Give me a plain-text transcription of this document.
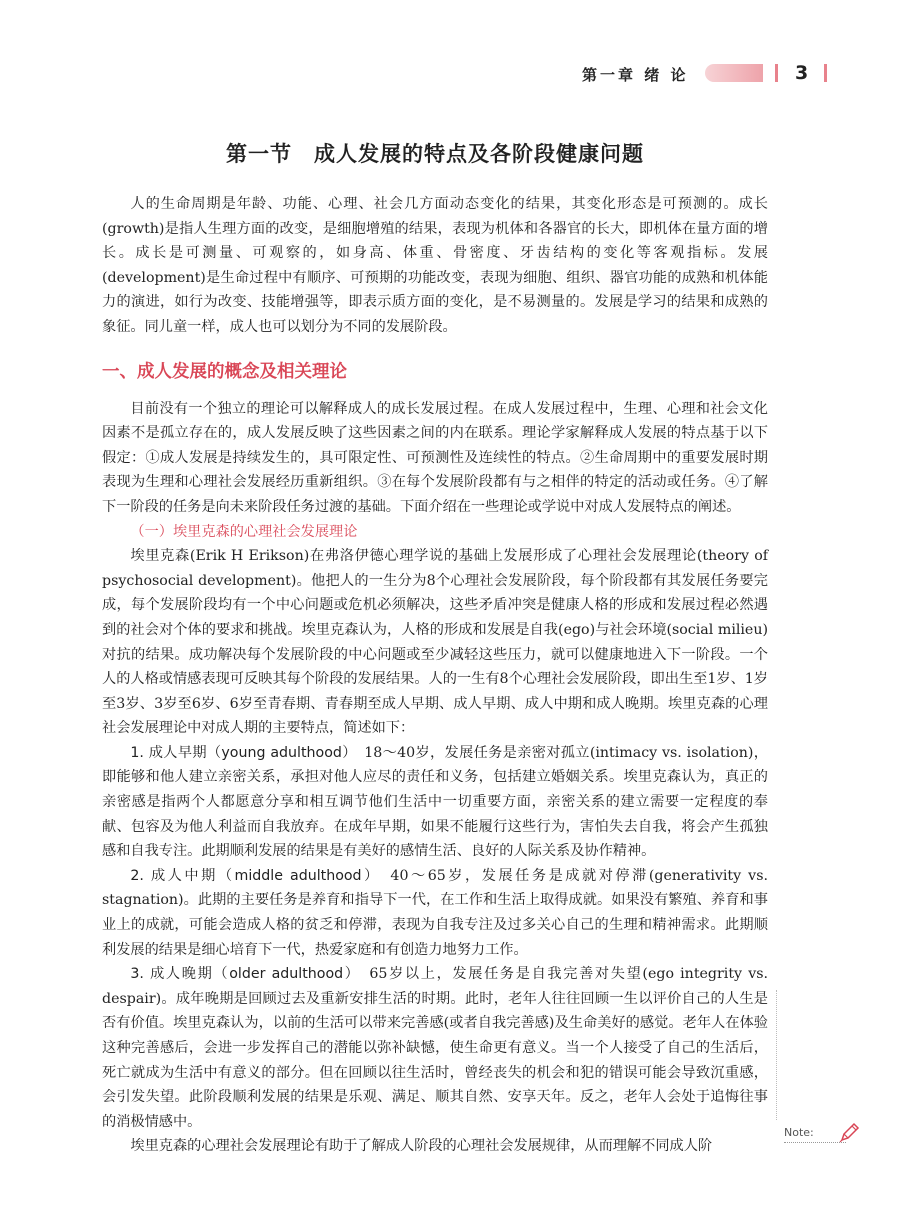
第一章 绪 论	3
第一节　成人发展的特点及各阶段健康问题

人的生命周期是年龄、功能、心理、社会几方面动态变化的结果，其变化形态是可预测的。成长(growth)是指人生理方面的改变，是细胞增殖的结果，表现为机体和各器官的长大，即机体在量方面的增长。成长是可测量、可观察的，如身高、体重、骨密度、牙齿结构的变化等客观指标。发展(development)是生命过程中有顺序、可预期的功能改变，表现为细胞、组织、器官功能的成熟和机体能力的演进，如行为改变、技能增强等，即表示质方面的变化，是不易测量的。发展是学习的结果和成熟的象征。同儿童一样，成人也可以划分为不同的发展阶段。

一、成人发展的概念及相关理论

目前没有一个独立的理论可以解释成人的成长发展过程。在成人发展过程中，生理、心理和社会文化因素不是孤立存在的，成人发展反映了这些因素之间的内在联系。理论学家解释成人发展的特点基于以下假定：①成人发展是持续发生的，具可限定性、可预测性及连续性的特点。②生命周期中的重要发展时期表现为生理和心理社会发展经历重新组织。③在每个发展阶段都有与之相伴的特定的活动或任务。④了解下一阶段的任务是向未来阶段任务过渡的基础。下面介绍在一些理论或学说中对成人发展特点的阐述。

（一）埃里克森的心理社会发展理论

埃里克森(Erik H Erikson)在弗洛伊德心理学说的基础上发展形成了心理社会发展理论(theory of psychosocial development)。他把人的一生分为8个心理社会发展阶段，每个阶段都有其发展任务要完成，每个发展阶段均有一个中心问题或危机必须解决，这些矛盾冲突是健康人格的形成和发展过程必然遇到的社会对个体的要求和挑战。埃里克森认为，人格的形成和发展是自我(ego)与社会环境(social milieu)对抗的结果。成功解决每个发展阶段的中心问题或至少减轻这些压力，就可以健康地进入下一阶段。一个人的人格或情感表现可反映其每个阶段的发展结果。人的一生有8个心理社会发展阶段，即出生至1岁、1岁至3岁、3岁至6岁、6岁至青春期、青春期至成人早期、成人早期、成人中期和成人晚期。埃里克森的心理社会发展理论中对成人期的主要特点，简述如下：

1. 成人早期（young adulthood）　 18～40岁，发展任务是亲密对孤立(intimacy vs. isolation)，即能够和他人建立亲密关系，承担对他人应尽的责任和义务，包括建立婚姻关系。埃里克森认为，真正的亲密感是指两个人都愿意分享和相互调节他们生活中一切重要方面，亲密关系的建立需要一定程度的奉献、包容及为他人利益而自我放弃。在成年早期，如果不能履行这些行为，害怕失去自我，将会产生孤独感和自我专注。此期顺利发展的结果是有美好的感情生活、良好的人际关系及协作精神。

2. 成人中期（middle adulthood）　 40～65岁，发展任务是成就对停滞(generativity vs. stagnation)。此期的主要任务是养育和指导下一代，在工作和生活上取得成就。如果没有繁殖、养育和事业上的成就，可能会造成人格的贫乏和停滞，表现为自我专注及过多关心自己的生理和精神需求。此期顺利发展的结果是细心培育下一代，热爱家庭和有创造力地努力工作。

3. 成人晚期（older adulthood）　 65岁以上，发展任务是自我完善对失望(ego integrity vs. despair)。成年晚期是回顾过去及重新安排生活的时期。此时，老年人往往回顾一生以评价自己的人生是否有价值。埃里克森认为，以前的生活可以带来完善感(或者自我完善感)及生命美好的感觉。老年人在体验这种完善感后，会进一步发挥自己的潜能以弥补缺憾，使生命更有意义。当一个人接受了自己的生活后，死亡就成为生活中有意义的部分。但在回顾以往生活时，曾经丧失的机会和犯的错误可能会导致沉重感，会引发失望。此阶段顺利发展的结果是乐观、满足、顺其自然、安享天年。反之，老年人会处于追悔往事的消极情感中。

埃里克森的心理社会发展理论有助于了解成人阶段的心理社会发展规律，从而理解不同成人阶

Note:
